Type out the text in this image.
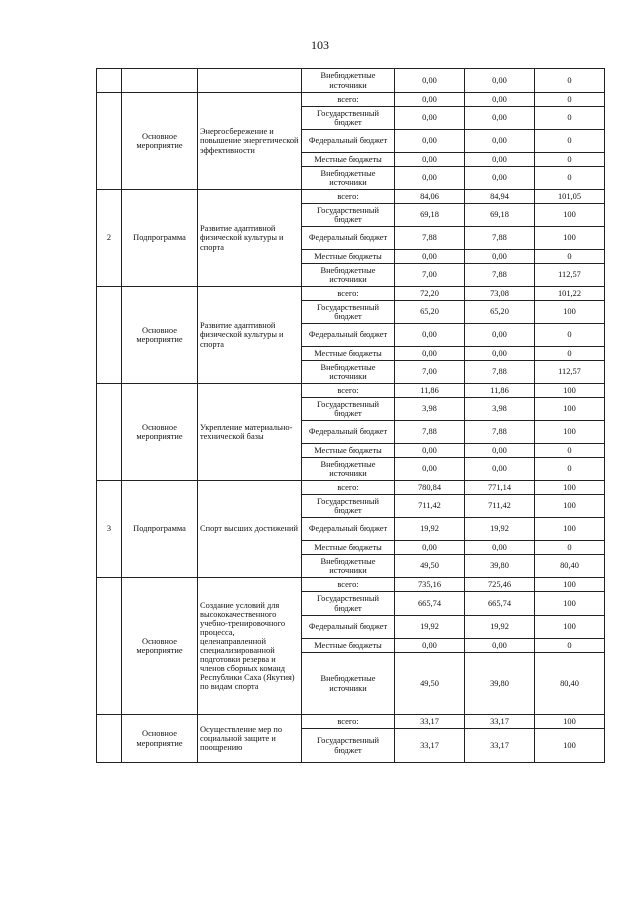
103
			Внебюджетные источники	0,00	0,00	0
	Основное мероприятие	Энергосбережение и повышение энергетической эффективности	всего:	0,00	0,00	0
			Государственный бюджет	0,00	0,00	0
			Федеральный бюджет	0,00	0,00	0
			Местные бюджеты	0,00	0,00	0
			Внебюджетные источники	0,00	0,00	0
2	Подпрограмма	Развитие адаптивной физической культуры и спорта	всего:	84,06	84,94	101,05
			Государственный бюджет	69,18	69,18	100
			Федеральный бюджет	7,88	7,88	100
			Местные бюджеты	0,00	0,00	0
			Внебюджетные источники	7,00	7,88	112,57
	Основное мероприятие	Развитие адаптивной физической культуры и спорта	всего:	72,20	73,08	101,22
			Государственный бюджет	65,20	65,20	100
			Федеральный бюджет	0,00	0,00	0
			Местные бюджеты	0,00	0,00	0
			Внебюджетные источники	7,00	7,88	112,57
	Основное мероприятие	Укрепление материально-технической базы	всего:	11,86	11,86	100
			Государственный бюджет	3,98	3,98	100
			Федеральный бюджет	7,88	7,88	100
			Местные бюджеты	0,00	0,00	0
			Внебюджетные источники	0,00	0,00	0
3	Подпрограмма	Спорт высших достижений	всего:	780,84	771,14	100
			Государственный бюджет	711,42	711,42	100
			Федеральный бюджет	19,92	19,92	100
			Местные бюджеты	0,00	0,00	0
			Внебюджетные источники	49,50	39,80	80,40
	Основное мероприятие	Создание условий для высококачественного учебно-тренировочного процесса, целенаправленной специализированной подготовки резерва и членов сборных команд Республики Саха (Якутия) по видам спорта	всего:	735,16	725,46	100
			Государственный бюджет	665,74	665,74	100
			Федеральный бюджет	19,92	19,92	100
			Местные бюджеты	0,00	0,00	0
			Внебюджетные источники	49,50	39,80	80,40
	Основное мероприятие	Осуществление мер по социальной защите и поощрению	всего:	33,17	33,17	100
			Государственный бюджет	33,17	33,17	100
